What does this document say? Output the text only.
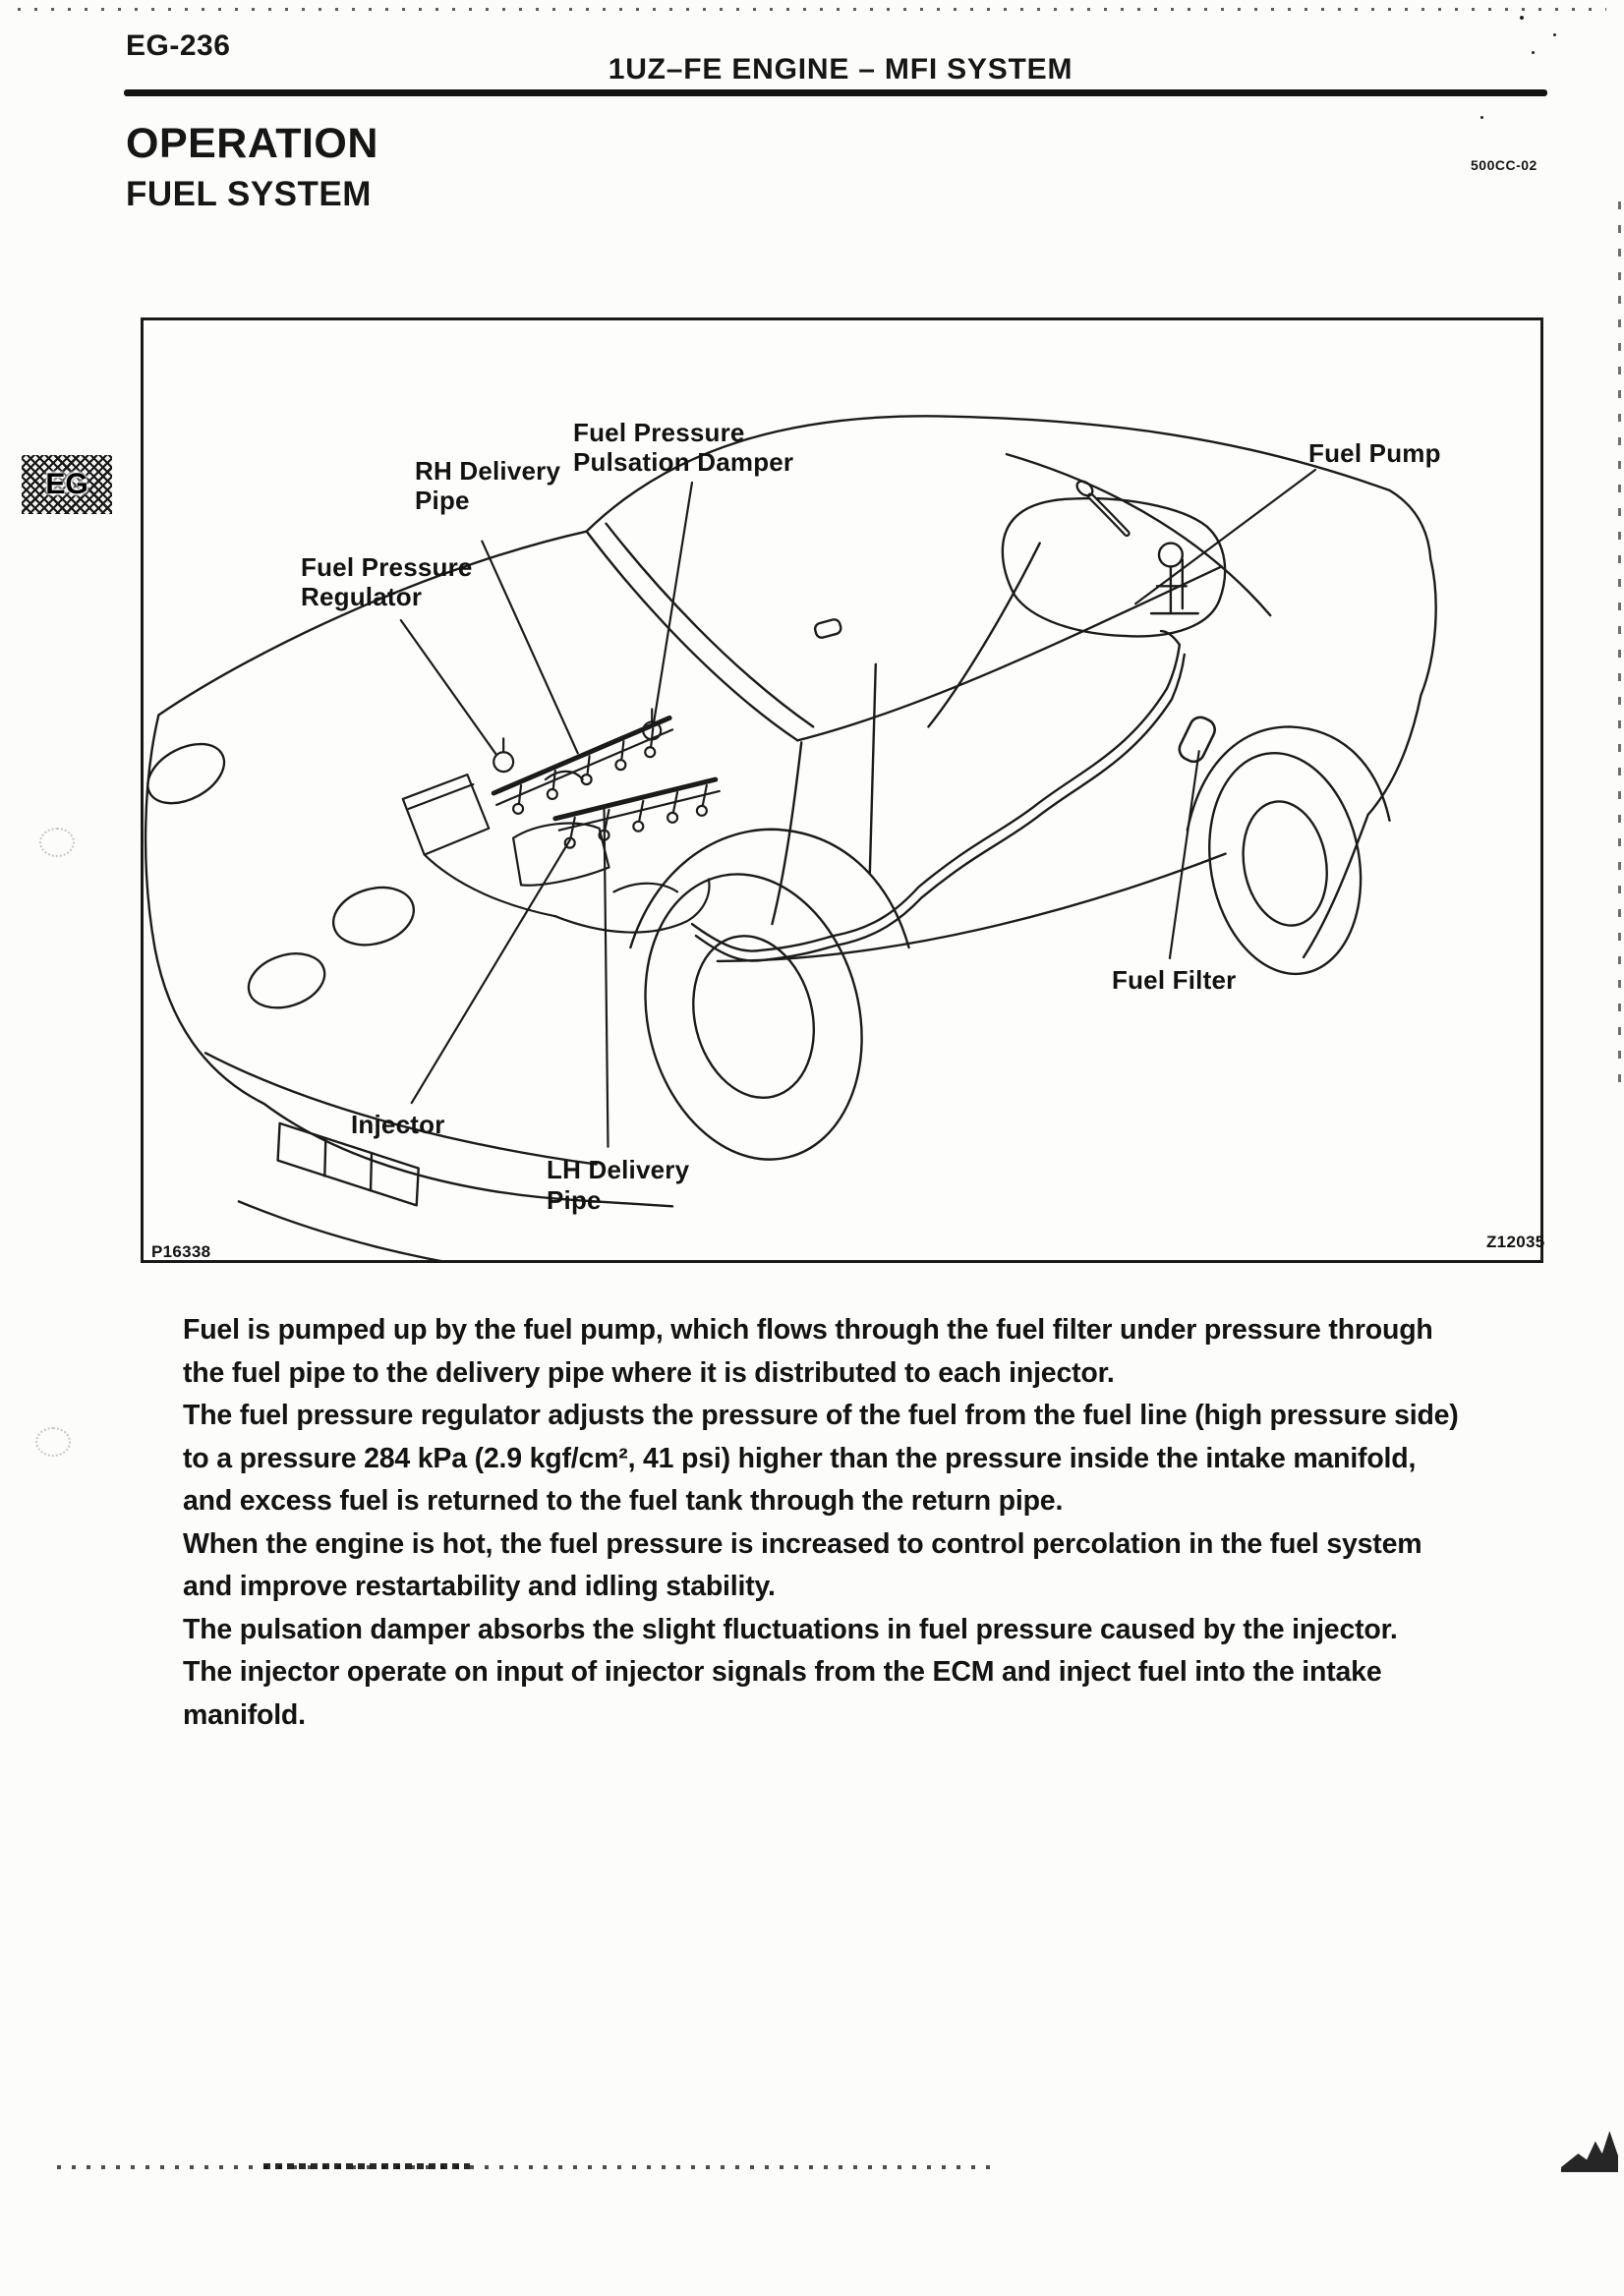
EG-236
1UZ–FE ENGINE – MFI SYSTEM
500CC-02
OPERATION
FUEL SYSTEM
EG
Fuel Pressure
Pulsation Damper
RH Delivery
Pipe
Fuel Pressure
Regulator
Fuel Pump
Fuel Filter
Injector
LH Delivery
Pipe
P16338
Z12035
Fuel is pumped up by the fuel pump, which flows through the fuel filter under pressure through
the fuel pipe to the delivery pipe where it is distributed to each injector.
The fuel pressure regulator adjusts the pressure of the fuel from the fuel line (high pressure side)
to a pressure 284 kPa (2.9 kgf/cm², 41 psi) higher than the pressure inside the intake manifold,
and excess fuel is returned to the fuel tank through the return pipe.
When the engine is hot, the fuel pressure is increased to control percolation in the fuel system
and improve restartability and idling stability.
The pulsation damper absorbs the slight fluctuations in fuel pressure caused by the injector.
The injector operate on input of injector signals from the ECM and inject fuel into the intake
manifold.
